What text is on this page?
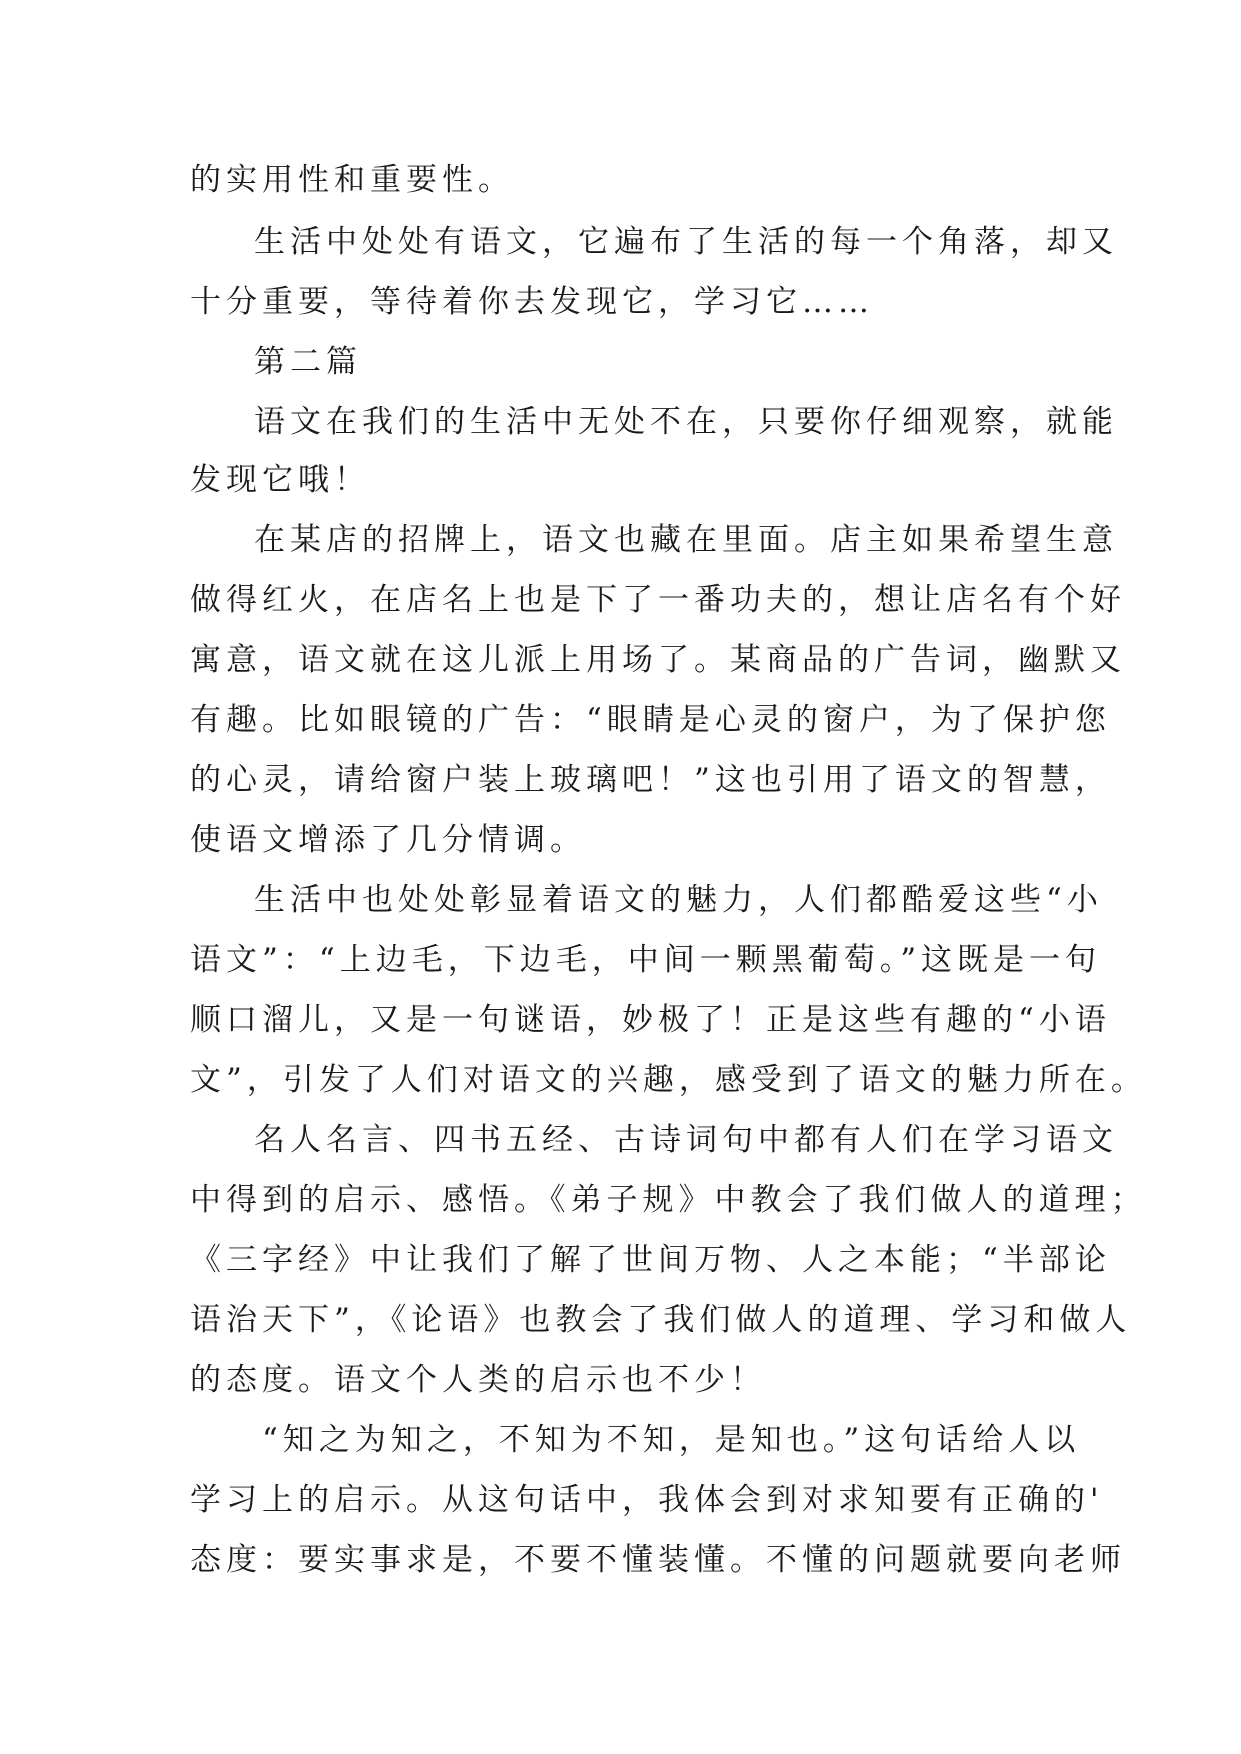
的实用性和重要性。
生活中处处有语文，它遍布了生活的每一个角落，却又
十分重要，等待着你去发现它，学习它……
第二篇
语文在我们的生活中无处不在，只要你仔细观察，就能
发现它哦！
在某店的招牌上，语文也藏在里面。店主如果希望生意
做得红火，在店名上也是下了一番功夫的，想让店名有个好
寓意，语文就在这儿派上用场了。某商品的广告词，幽默又
有趣。比如眼镜的广告：“眼睛是心灵的窗户，为了保护您
的心灵，请给窗户装上玻璃吧！”这也引用了语文的智慧，
使语文增添了几分情调。
生活中也处处彰显着语文的魅力，人们都酷爱这些“小
语文”：“上边毛，下边毛，中间一颗黑葡萄。”这既是一句
顺口溜儿，又是一句谜语，妙极了！正是这些有趣的“小语
文”，引发了人们对语文的兴趣，感受到了语文的魅力所在。
名人名言、四书五经、古诗词句中都有人们在学习语文
中得到的启示、感悟。《弟子规》中教会了我们做人的道理；
《三字经》中让我们了解了世间万物、人之本能；“半部论
语治天下”，《论语》也教会了我们做人的道理、学习和做人
的态度。语文个人类的启示也不少！
“知之为知之，不知为不知，是知也。”这句话给人以
学习上的启示。从这句话中，我体会到对求知要有正确的'
态度：要实事求是，不要不懂装懂。不懂的问题就要向老师
